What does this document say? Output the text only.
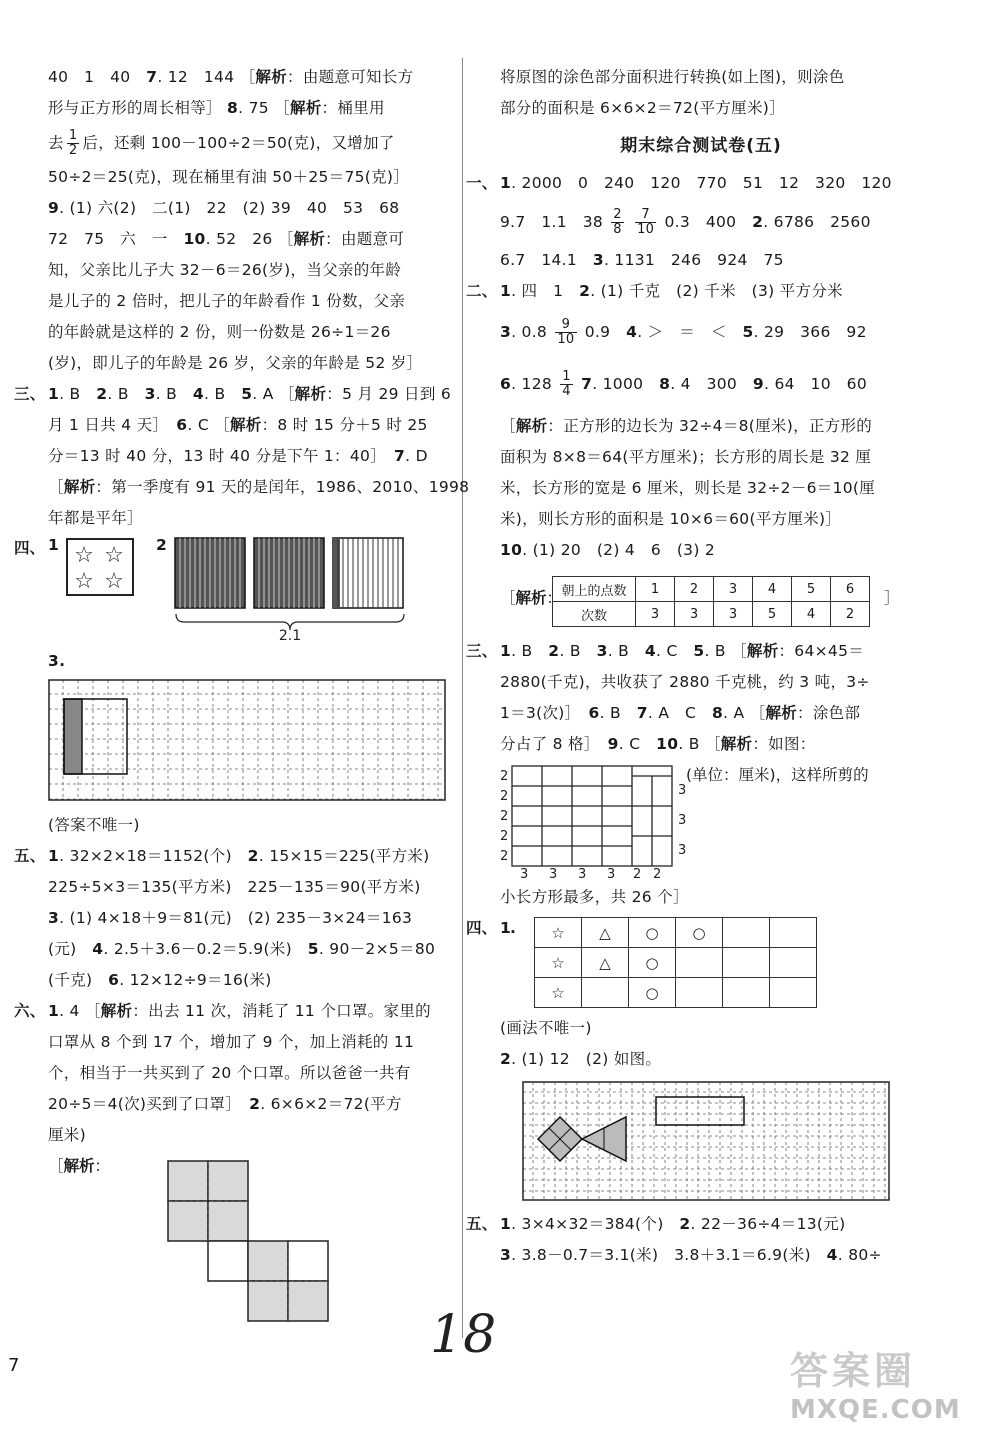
40　1　40　7. 12　144 ［解析：由题意可知长方
形与正方形的周长相等］ 8. 75 ［解析：桶里用
去 $\frac{1}{2}$ 后，还剩 100－100÷2＝50(克)，又增加了
50÷2＝25(克)，现在桶里有油 50＋25＝75(克)］
9. (1) 六(2)　二(1)　22　(2) 39　40　53　68
72　75　六　一　10. 52　26 ［解析：由题意可
知，父亲比儿子大 32－6＝26(岁)，当父亲的年龄
是儿子的 2 倍时，把儿子的年龄看作 1 份数，父亲
的年龄就是这样的 2 份，则一份数是 26÷1＝26
(岁)，即儿子的年龄是 26 岁，父亲的年龄是 52 岁］
三、 1. B　2. B　3. B　4. B　5. A ［解析：5 月 29 日到 6
月 1 日共 4 天］　6. C ［解析：8 时 15 分＋5 时 25
分＝13 时 40 分，13 时 40 分是下午 1：40］　7. D
［解析：第一季度有 91 天的是闰年，1986、2010、1998
年都是平年］
四、 1 ☆ ☆
☆ ☆
2
2.1
3.
(答案不唯一)
五、 1. 32×2×18＝1152(个)　2. 15×15＝225(平方米)
225÷5×3＝135(平方米)　225－135＝90(平方米)
3. (1) 4×18＋9＝81(元)　(2) 235－3×24＝163
(元)　4. 2.5＋3.6－0.2＝5.9(米)　5. 90－2×5＝80
(千克)　6. 12×12÷9＝16(米)
六、 1. 4 ［解析：出去 11 次，消耗了 11 个口罩。家里的
口罩从 8 个到 17 个，增加了 9 个，加上消耗的 11
个，相当于一共买到了 20 个口罩。所以爸爸一共有
20÷5＝4(次)买到了口罩］　2. 6×6×2＝72(平方
厘米)
［解析：
将原图的涂色部分面积进行转换(如上图)，则涂色
部分的面积是 6×6×2＝72(平方厘米)］
期末综合测试卷(五)
一、 1. 2000　0　240　120　770　51　12　320　120
9.7　1.1　$38 \frac{2}{8}$
$\frac{7}{10} 0.3$　400　2. 6786　2560
6.7　14.1　3. 1131　246　924　75
二、 1. 四　1　2. (1) 千克　(2) 千米　(3) 平方分米
3. $0.8 \frac{9}{10} 0.9$　4. ＞　＝　＜　5. 29　366　92
6. $128 \frac{1}{4} 7$. 1000　8. 4　300　9. 64　10　60
［解析：正方形的边长为 32÷4＝8(厘米)，正方形的
面积为 8×8＝64(平方厘米)；长方形的周长是 32 厘
米，长方形的宽是 6 厘米，则长是 32÷2－6＝10(厘
米)，则长方形的面积是 10×6＝60(平方厘米)］
10. (1) 20　(2) 4　6　(3) 2
［解析： 朝上的点数	1	2	3	4	5	6
次数	3	3	3	5	4	2
］
三、 1. B　2. B　3. B　4. C　5. B ［解析：64×45＝
2880(千克)，共收获了 2880 千克桃，约 3 吨，3÷
1＝3(次)］　6. B　7. A　C　8. A ［解析：涂色部
分占了 8 格］　9. C　10. B ［解析：如图：
2
2
2
2
2
3 3 3 3 2 2
3
3
3
(单位：厘米)，这样所剪的
小长方形最多，共 26 个］
四、 1 . ☆	△	○	○		
☆	△	○			
☆		○			
(画法不唯一)
2. (1) 12　(2) 如图。
五、 1. 3×4×32＝384(个)　2. 22－36÷4＝13(元)
3. 3.8－0.7＝3.1(米)　3.8＋3.1＝6.9(米)　4. 80÷
7
18
答案圈
MXQE.COM
